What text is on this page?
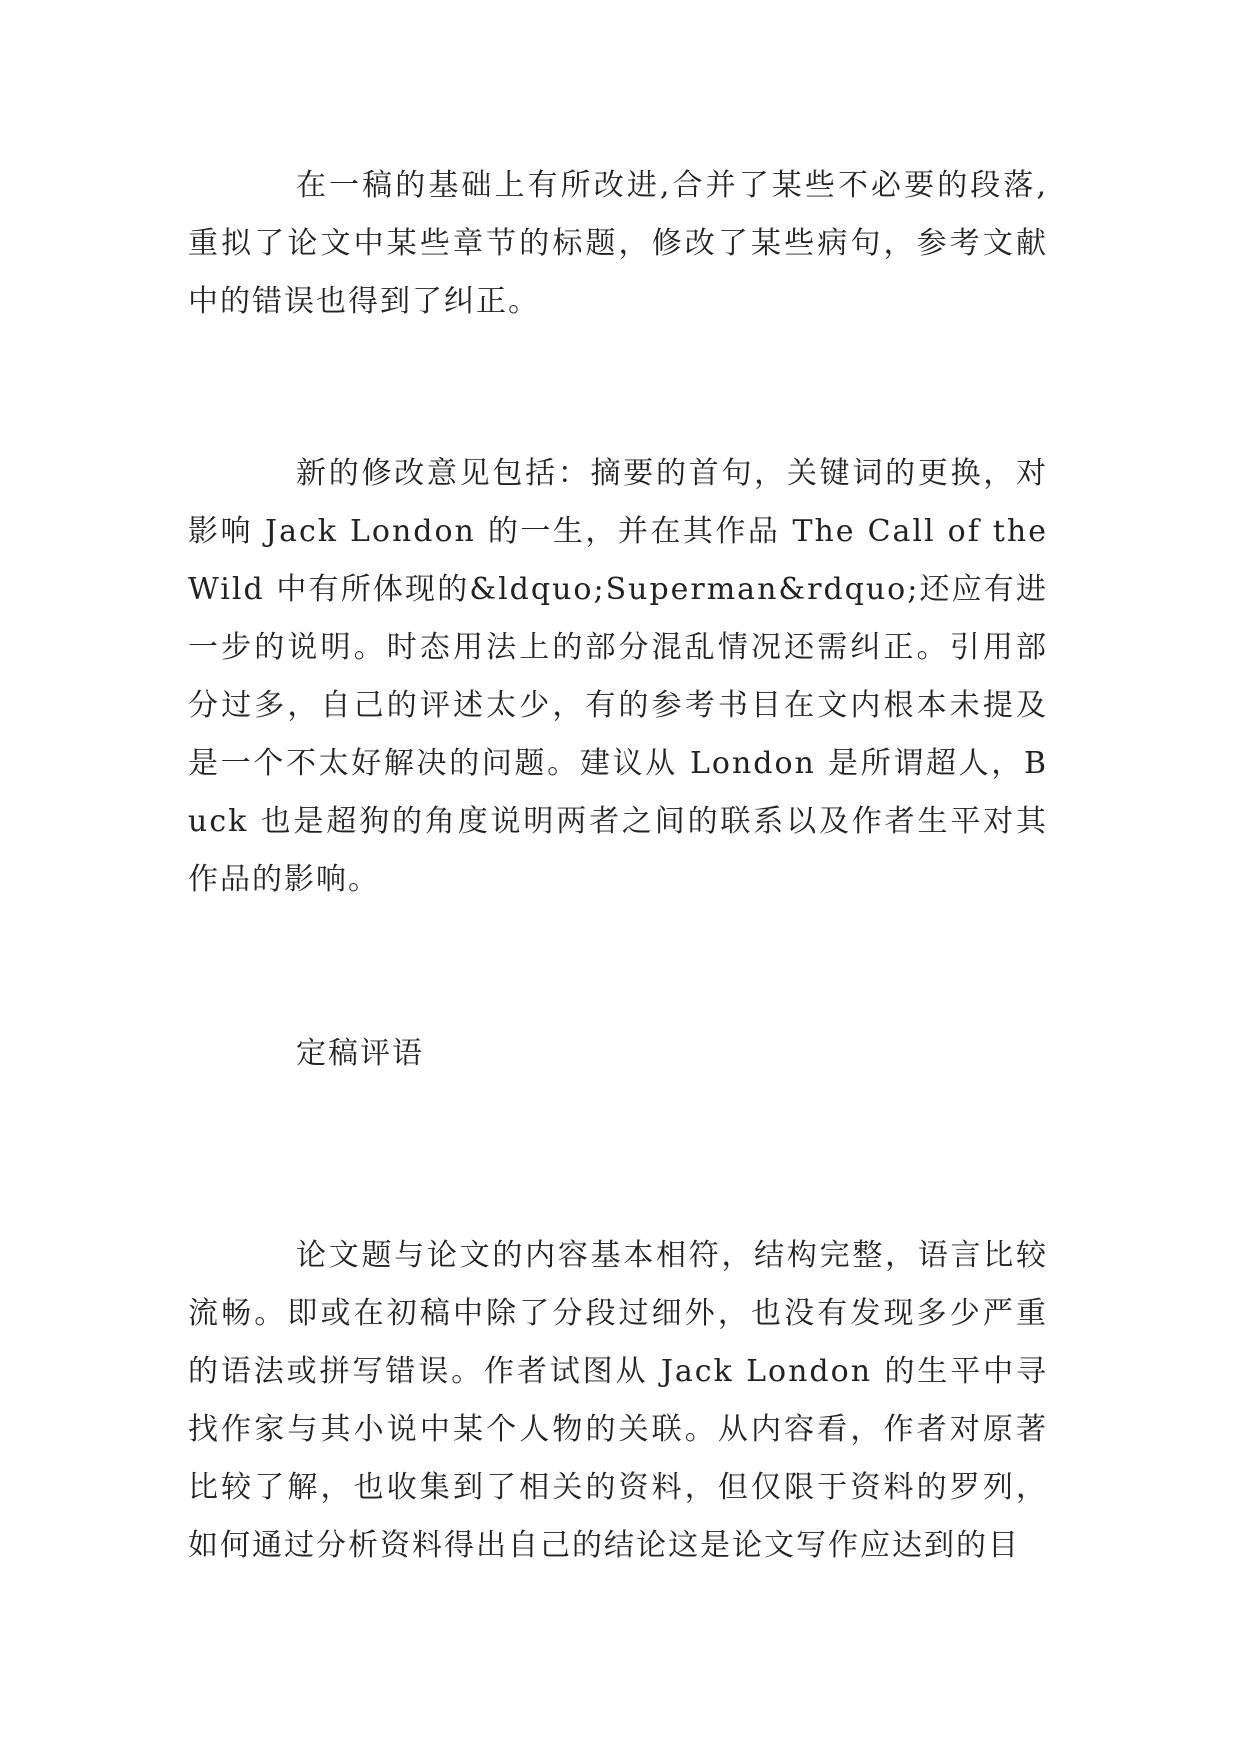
在一稿的基础上有所改进,合并了某些不必要的段落,重拟了论文中某些章节的标题，修改了某些病句，参考文献中的错误也得到了纠正。

新的修改意见包括：摘要的首句，关键词的更换，对影响 Jack London 的一生，并在其作品 The Call of the Wild 中有所体现的&ldquo;Superman&rdquo;还应有进一步的说明。时态用法上的部分混乱情况还需纠正。引用部分过多，自己的评述太少，有的参考书目在文内根本未提及是一个不太好解决的问题。建议从 London 是所谓超人，Buck 也是超狗的角度说明两者之间的联系以及作者生平对其作品的影响。

定稿评语

论文题与论文的内容基本相符，结构完整，语言比较流畅。即或在初稿中除了分段过细外，也没有发现多少严重的语法或拼写错误。作者试图从 Jack London 的生平中寻找作家与其小说中某个人物的关联。从内容看，作者对原著比较了解，也收集到了相关的资料，但仅限于资料的罗列，如何通过分析资料得出自己的结论这是论文写作应达到的目
